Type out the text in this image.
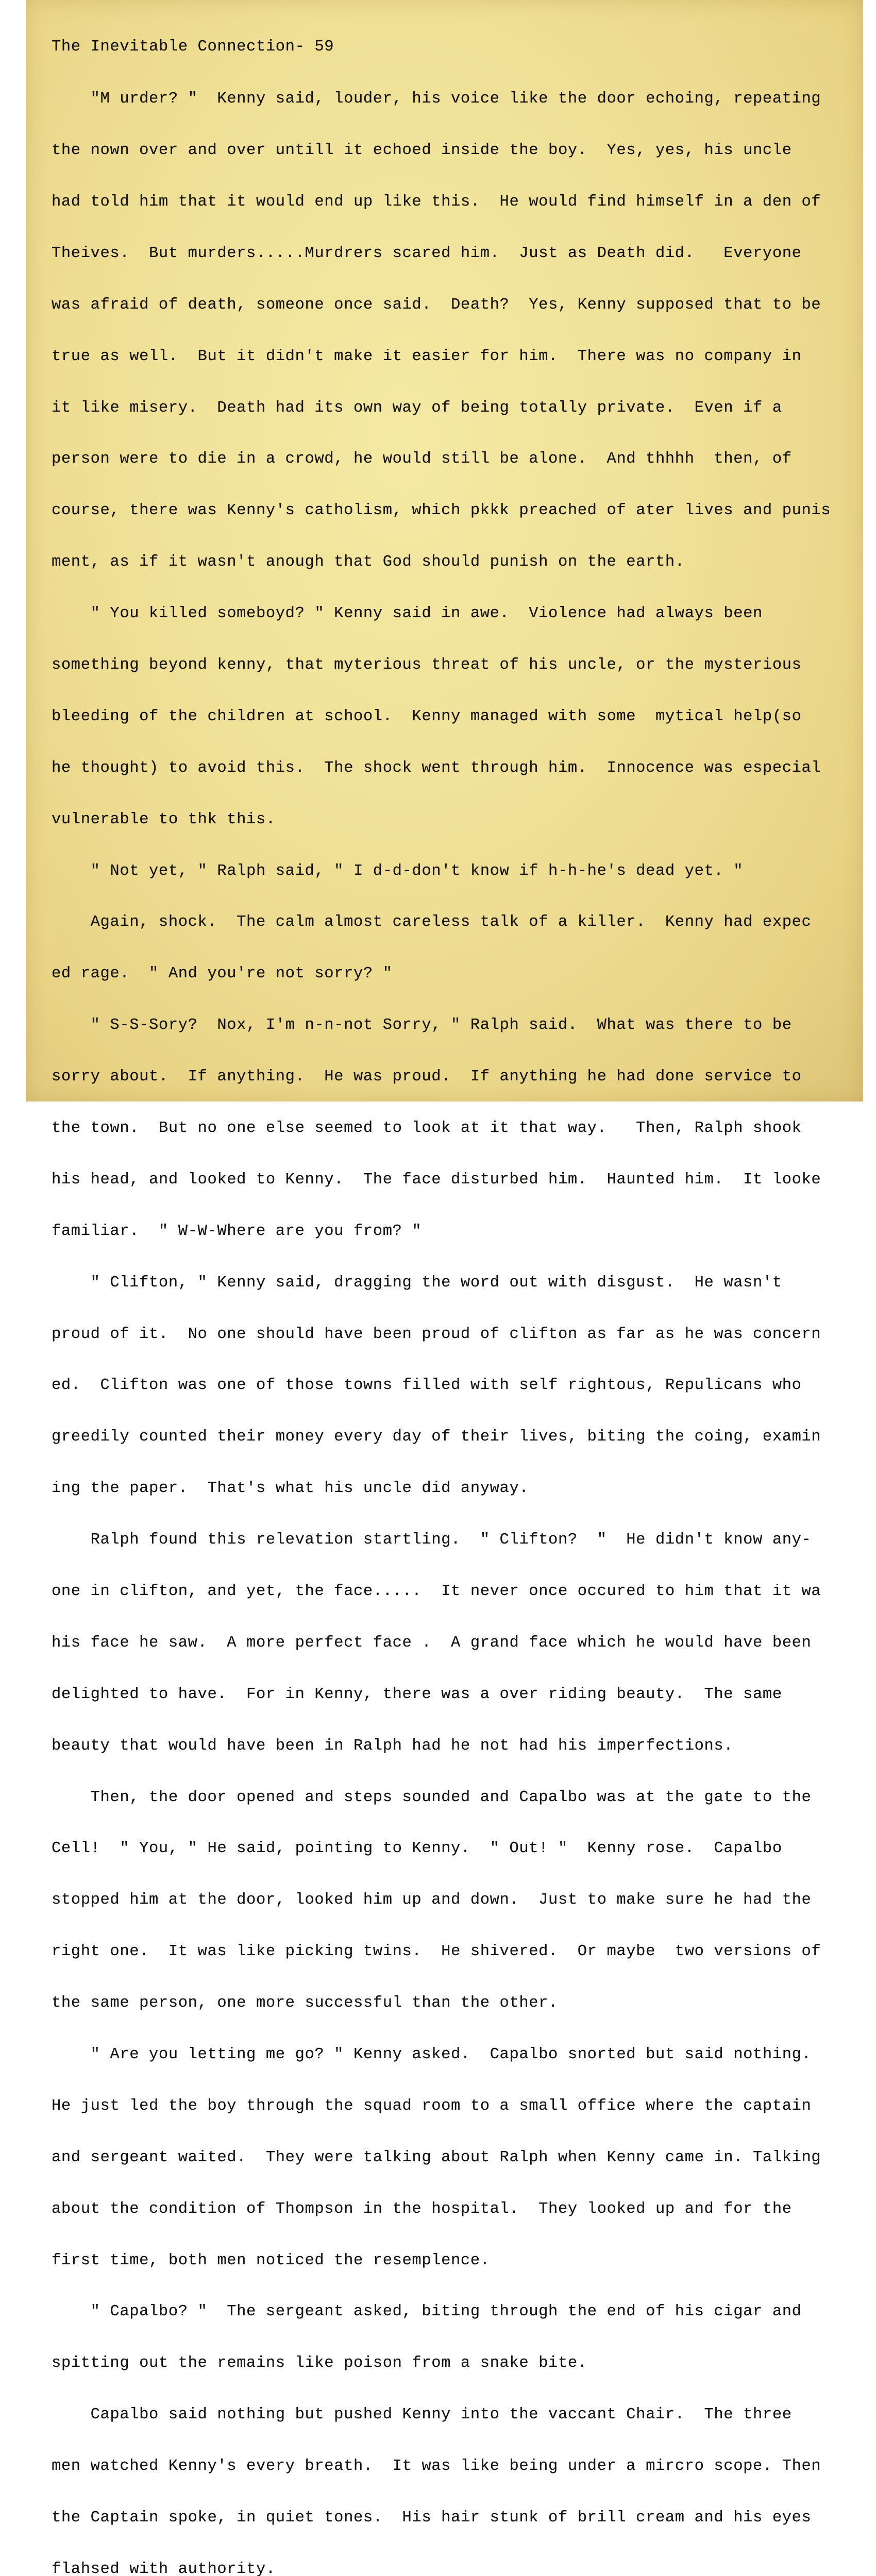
The Inevitable Connection- 59

"M urder? "  Kenny said, louder, his voice like the door echoing, repeating

the nown over and over untill it echoed inside the boy.  Yes, yes, his uncle

had told him that it would end up like this.  He would find himself in a den of

Theives.  But murders.....Murdrers scared him.  Just as Death did.   Everyone

was afraid of death, someone once said.  Death?  Yes, Kenny supposed that to be

true as well.  But it didn't make it easier for him.  There was no company in

it like misery.  Death had its own way of being totally private.  Even if a

person were to die in a crowd, he would still be alone.  And thhhh  then, of

course, there was Kenny's catholism, which pkkk preached of ater lives and punis

ment, as if it wasn't anough that God should punish on the earth.

" You killed someboyd? " Kenny said in awe.  Violence had always been

something beyond kenny, that myterious threat of his uncle, or the mysterious

bleeding of the children at school.  Kenny managed with some  mytical help(so

he thought) to avoid this.  The shock went through him.  Innocence was especial

vulnerable to thk this.

" Not yet, " Ralph said, " I d-d-don't know if h-h-he's dead yet. "

Again, shock.  The calm almost careless talk of a killer.  Kenny had expec

ed rage.  " And you're not sorry? "

" S-S-Sory?  Nox, I'm n-n-not Sorry, " Ralph said.  What was there to be

sorry about.  If anything.  He was proud.  If anything he had done service to

the town.  But no one else seemed to look at it that way.   Then, Ralph shook

his head, and looked to Kenny.  The face disturbed him.  Haunted him.  It looke

familiar.  " W-W-Where are you from? "

" Clifton, " Kenny said, dragging the word out with disgust.  He wasn't

proud of it.  No one should have been proud of clifton as far as he was concern

ed.  Clifton was one of those towns filled with self rightous, Repulicans who

greedily counted their money every day of their lives, biting the coing, examin

ing the paper.  That's what his uncle did anyway.

Ralph found this relevation startling.  " Clifton?  "  He didn't know any-

one in clifton, and yet, the face.....  It never once occured to him that it wa

his face he saw.  A more perfect face .  A grand face which he would have been

delighted to have.  For in Kenny, there was a over riding beauty.  The same

beauty that would have been in Ralph had he not had his imperfections.

Then, the door opened and steps sounded and Capalbo was at the gate to the

Cell!  " You, " He said, pointing to Kenny.  " Out! "  Kenny rose.  Capalbo

stopped him at the door, looked him up and down.  Just to make sure he had the

right one.  It was like picking twins.  He shivered.  Or maybe  two versions of

the same person, one more successful than the other.

" Are you letting me go? " Kenny asked.  Capalbo snorted but said nothing.

He just led the boy through the squad room to a small office where the captain

and sergeant waited.  They were talking about Ralph when Kenny came in. Talking

about the condition of Thompson in the hospital.  They looked up and for the

first time, both men noticed the resemplence.

" Capalbo? "  The sergeant asked, biting through the end of his cigar and

spitting out the remains like poison from a snake bite.

Capalbo said nothing but pushed Kenny into the vaccant Chair.  The three

men watched Kenny's every breath.  It was like being under a mircro scope. Then

the Captain spoke, in quiet tones.  His hair stunk of brill cream and his eyes

flahsed with authority.
